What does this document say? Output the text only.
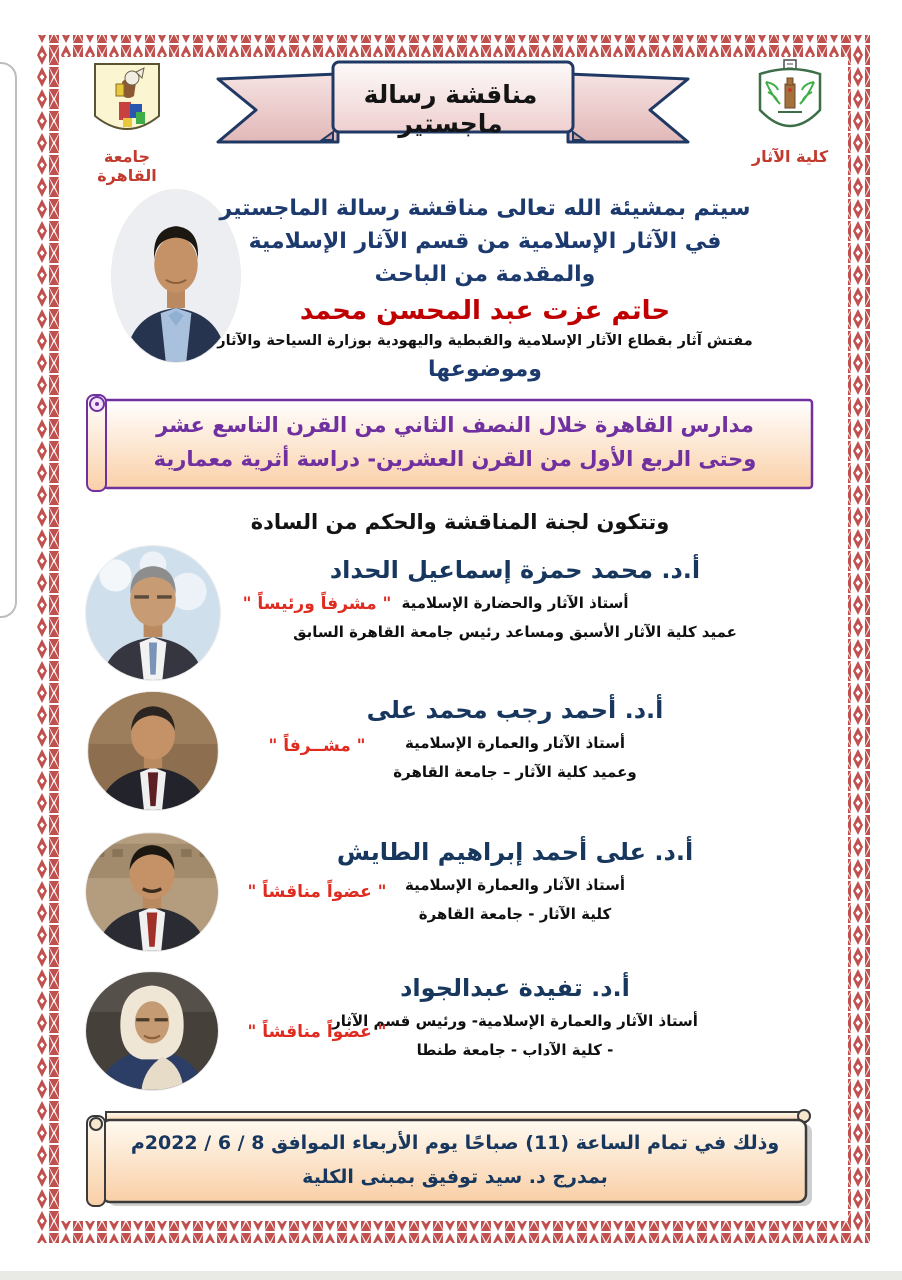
جامعة القاهرة
كلية الآثار
مناقشة رسالة ماجستير
سيتم بمشيئة الله تعالى مناقشة رسالة الماجستير
في الآثار الإسلامية من قسم الآثار الإسلامية
والمقدمة من الباحث
حاتم عزت عبد المحسن محمد
مفتش آثار بقطاع الآثار الإسلامية والقبطية واليهودية بوزارة السياحة والآثار
وموضوعها
مدارس القاهرة خلال النصف الثاني من القرن التاسع عشر
وحتى الربع الأول من القرن العشرين- دراسة أثرية معمارية
وتتكون لجنة المناقشة والحكم من السادة
أ.د. محمد حمزة إسماعيل الحداد
أستاذ الآثار والحضارة الإسلامية
عميد كلية الآثار الأسبق ومساعد رئيس جامعة القاهرة السابق
" مشرفاً ورئيساً "
أ.د. أحمد رجب محمد على
أستاذ الآثار والعمارة الإسلامية
وعميد كلية الآثار – جامعة القاهرة
" مشــرفاً "
أ.د. على أحمد إبراهيم الطايش
أستاذ الآثار والعمارة الإسلامية
كلية الآثار - جامعة القاهرة
" عضواً مناقشاً "
أ.د. تفيدة عبدالجواد
أستاذ الآثار والعمارة الإسلامية- ورئيس قسم الآثار
- كلية الآداب - جامعة طنطا
" عضواً مناقشاً "
وذلك في تمام الساعة (11) صباحًا يوم الأربعاء الموافق 8 / 6 / 2022م
بمدرج د. سيد توفيق بمبنى الكلية
